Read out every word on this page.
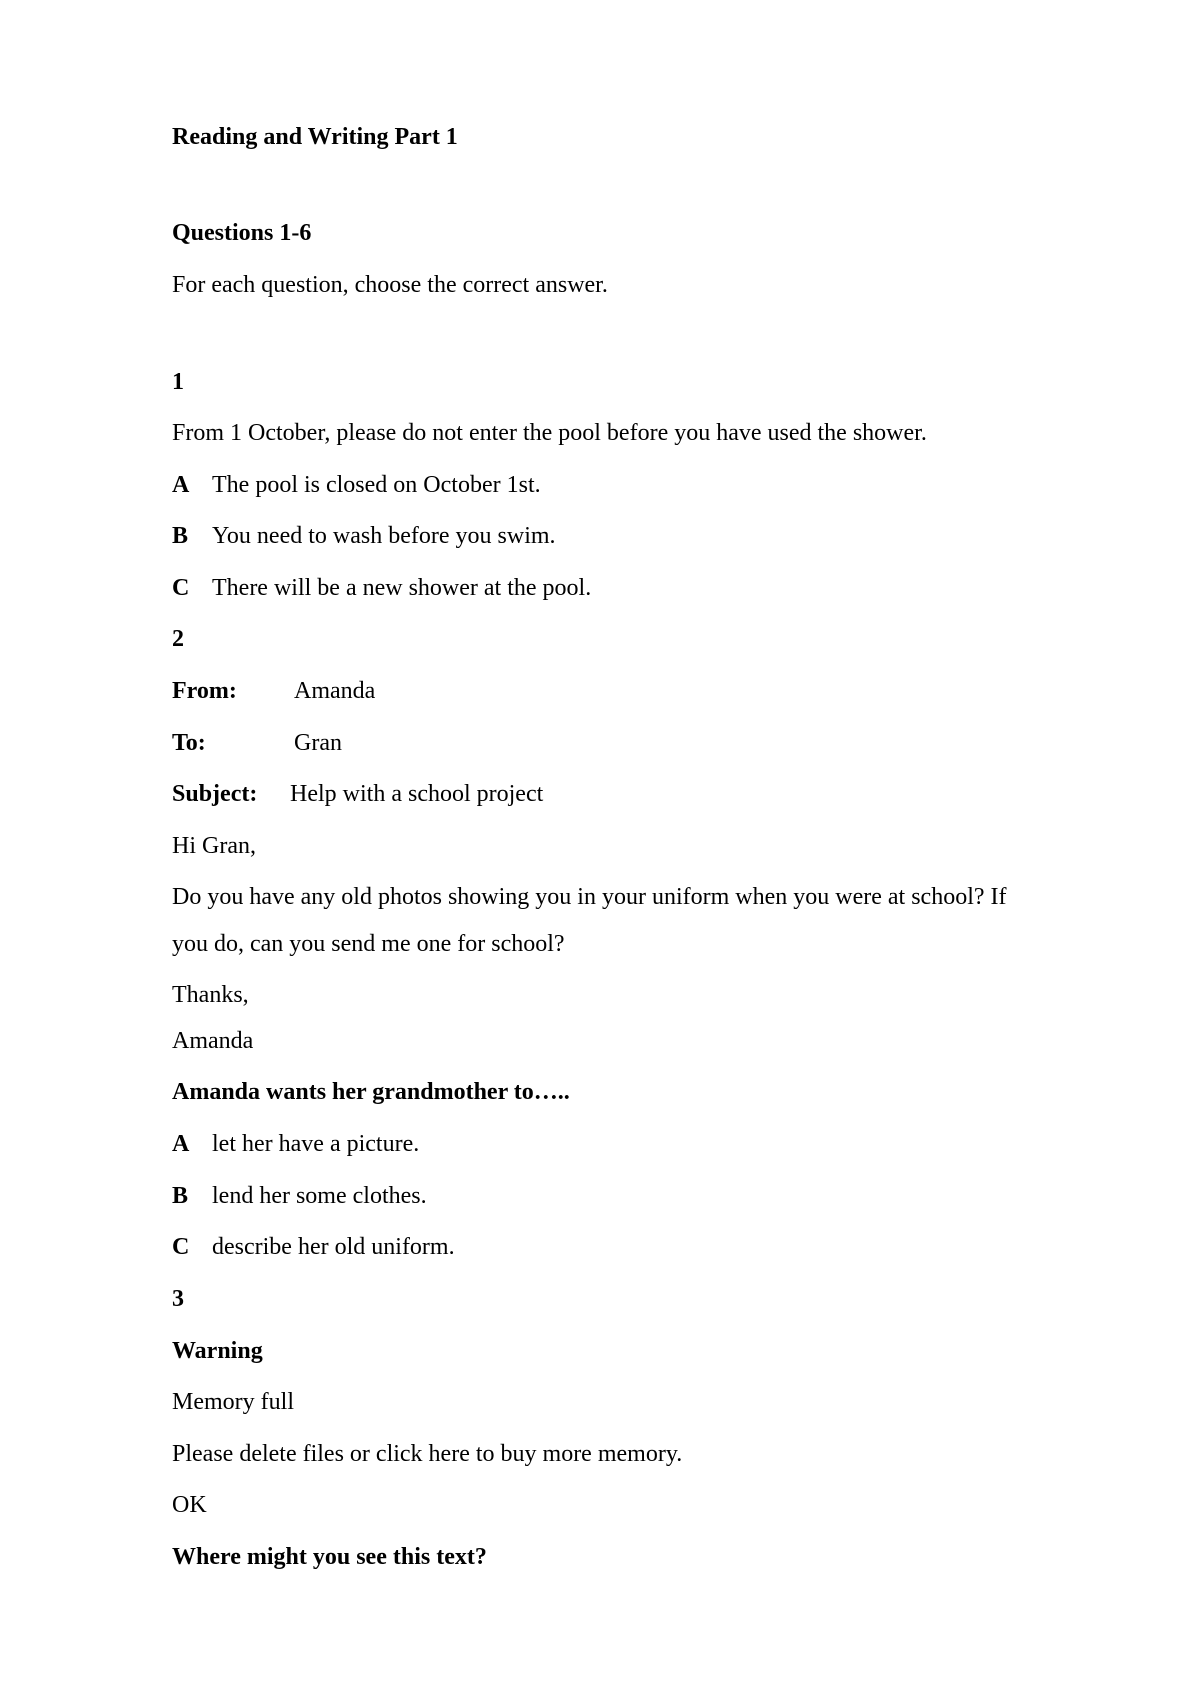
Reading and Writing Part 1
Questions 1-6
For each question, choose the correct answer.
1
From 1 October, please do not enter the pool before you have used the shower.
A The pool is closed on October 1st.
B You need to wash before you swim.
C There will be a new shower at the pool.
2
From: Amanda
To:	Gran
Subject: Help with a school project
Hi Gran,
Do you have any old photos showing you in your uniform when you were at school? If
you do, can you send me one for school?
Thanks,
Amanda
Amanda wants her grandmother to…..
A let her have a picture.
B lend her some clothes.
C describe her old uniform.
3
Warning
Memory full
Please delete files or click here to buy more memory.
OK
Where might you see this text?
